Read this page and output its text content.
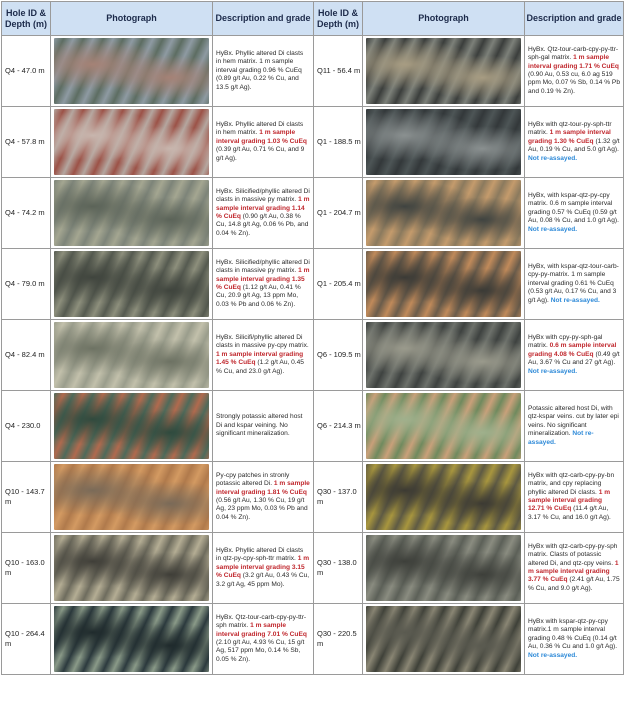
Hole ID & Depth (m)	Photograph	Description and grade	Hole ID & Depth (m)	Photograph	Description and grade
Q4 - 47.0 m		HyBx. Phyllic altered Di clasts in hem matrix. 1 m sample interval grading 0.96 % CuEq (0.89 g/t Au, 0.22 % Cu, and 13.5 g/t Ag).	Q11 - 56.4 m		HyBx. Qtz-tour-carb-cpy-py-ttr-sph-gal matrix. 1 m sample interval grading 1.71 % CuEq (0.90 Au, 0.53 cu, 6.0 ag 519 ppm Mo, 0.07 % Sb, 0.14 % Pb and 0.19 % Zn).
Q4 - 57.8 m		HyBx. Phyllic altered Di clasts in hem matrix. 1 m sample interval grading 1.03 % CuEq (0.39 g/t Au, 0.71 % Cu, and 9 g/t Ag).	Q1 - 188.5 m		HyBx with qtz-tour-py-sph-ttr matrix. 1 m sample interval grading 1.30 % CuEq (1.32 g/t Au, 0.19 % Cu, and 5.0 g/t Ag). Not re-assayed.
Q4 - 74.2 m		HyBx. Silicified/phyllic altered Di clasts in massive py matrix. 1 m sample interval grading 1.14 % CuEq (0.90 g/t Au, 0.38 % Cu, 14.8 g/t Ag, 0.06 % Pb, and 0.04 % Zn).	Q1 - 204.7 m		HyBx, with kspar-qtz-py-cpy matrix. 0.6 m sample interval grading 0.57 % CuEq (0.59 g/t Au, 0.08 % Cu, and 1.0 g/t Ag). Not re-assayed.
Q4 - 79.0 m		HyBx. Silicified/phyllic altered Di clasts in massive py matrix. 1 m sample interval grading 1.35 % CuEq (1.12 g/t Au, 0.41 % Cu, 20.9 g/t Ag, 13 ppm Mo, 0.03 % Pb and 0.06 % Zn).	Q1 - 205.4 m		HyBx, with kspar-qtz-tour-carb-cpy-py-matrix. 1 m sample interval grading 0.61 % CuEq (0.53 g/t Au, 0.17 % Cu, and 3 g/t Ag). Not re-assayed.
Q4 - 82.4 m		HyBx. Silicifi/phyllic altered Di clasts in massive py-cpy matrix. 1 m sample interval grading 1.45 % CuEq (1.2 g/t Au, 0.45 % Cu, and 23.0 g/t Ag).	Q6 - 109.5 m		HyBx with cpy-py-sph-gal matrix. 0.6 m sample interval grading 4.08 % CuEq (0.49 g/t Au, 3.67 % Cu and 27 g/t Ag). Not re-assayed.
Q4 - 230.0		Strongly potassic altered host Di and kspar veining. No significant mineralization.	Q6 - 214.3 m		Potassic altered host Di, with qtz-kspar veins. cut by later epi veins. No significant mineralization. Not re-assayed.
Q10 - 143.7 m		Py-cpy patches in stronly potassic altered Di. 1 m sample interval grading 1.81 % CuEq (0.56 g/t Au, 1.30 % Cu, 19 g/t Ag, 23 ppm Mo, 0.03 % Pb and 0.04 % Zn).	Q30 - 137.0 m		HyBx with qtz-carb-cpy-py-bn matrix, and cpy replacing phyllic altered Di clasts. 1 m sample interval grading 12.71 % CuEq (11.4 g/t Au, 3.17 % Cu, and 16.0 g/t Ag).
Q10 - 163.0 m		HyBx. Phyllic altered Di clasts in qtz-py-cpy-sph-ttr matrix. 1 m sample interval grading 3.15 % CuEq (3.2 g/t Au, 0.43 % Cu, 3.2 g/t Ag, 45 ppm Mo).	Q30 - 138.0 m		HyBx with qtz-carb-cpy-py-sph matrix. Clasts of potassic altered Di, and qtz-cpy veins. 1 m sample interval grading 3.77 % CuEq (2.41 g/t Au, 1.75 % Cu, and 9.0 g/t Ag).
Q10 - 264.4 m		HyBx. Qtz-tour-carb-cpy-py-ttr-sph matrix. 1 m sample interval grading 7.01 % CuEq (2.10 g/t Au, 4.93 % Cu, 15 g/t Ag, 517 ppm Mo, 0.14 % Sb, 0.05 % Zn).	Q30 - 220.5 m		HyBx with kspar-qtz-py-cpy matrix.1 m sample interval grading 0.48 % CuEq (0.14 g/t Au, 0.36 % Cu and 1.0 g/t Ag). Not re-assayed.
